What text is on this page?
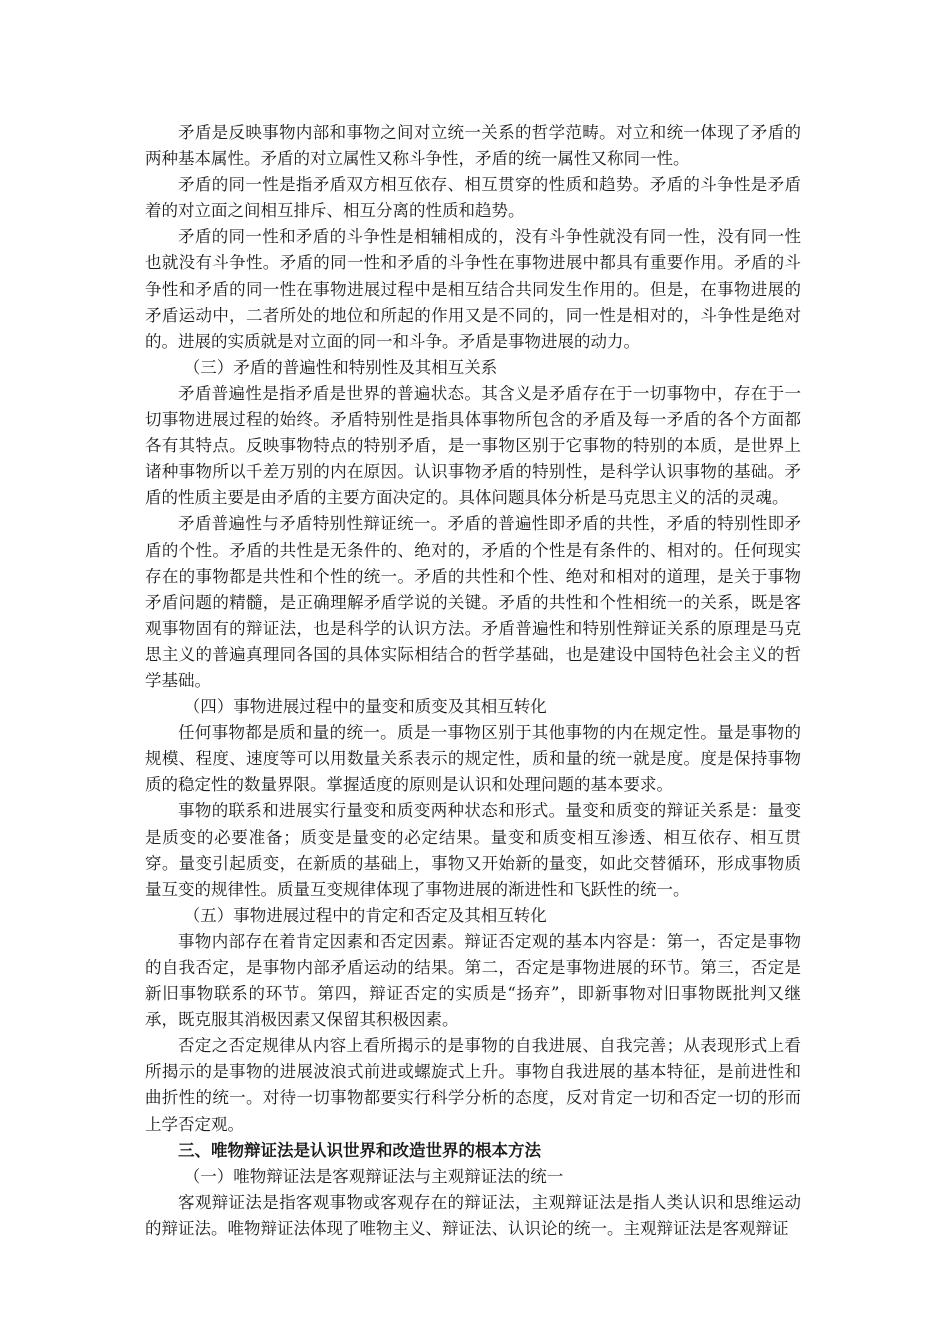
矛盾是反映事物内部和事物之间对立统一关系的哲学范畴。对立和统一体现了矛盾的两种基本属性。矛盾的对立属性又称斗争性，矛盾的统一属性又称同一性。

矛盾的同一性是指矛盾双方相互依存、相互贯穿的性质和趋势。矛盾的斗争性是矛盾着的对立面之间相互排斥、相互分离的性质和趋势。

矛盾的同一性和矛盾的斗争性是相辅相成的，没有斗争性就没有同一性，没有同一性也就没有斗争性。矛盾的同一性和矛盾的斗争性在事物进展中都具有重要作用。矛盾的斗争性和矛盾的同一性在事物进展过程中是相互结合共同发生作用的。但是，在事物进展的矛盾运动中，二者所处的地位和所起的作用又是不同的，同一性是相对的，斗争性是绝对的。进展的实质就是对立面的同一和斗争。矛盾是事物进展的动力。

（三）矛盾的普遍性和特别性及其相互关系

矛盾普遍性是指矛盾是世界的普遍状态。其含义是矛盾存在于一切事物中，存在于一切事物进展过程的始终。矛盾特别性是指具体事物所包含的矛盾及每一矛盾的各个方面都各有其特点。反映事物特点的特别矛盾，是一事物区别于它事物的特别的本质，是世界上诸种事物所以千差万别的内在原因。认识事物矛盾的特别性，是科学认识事物的基础。矛盾的性质主要是由矛盾的主要方面决定的。具体问题具体分析是马克思主义的活的灵魂。

矛盾普遍性与矛盾特别性辩证统一。矛盾的普遍性即矛盾的共性，矛盾的特别性即矛盾的个性。矛盾的共性是无条件的、绝对的，矛盾的个性是有条件的、相对的。任何现实存在的事物都是共性和个性的统一。矛盾的共性和个性、绝对和相对的道理，是关于事物矛盾问题的精髓，是正确理解矛盾学说的关键。矛盾的共性和个性相统一的关系，既是客观事物固有的辩证法，也是科学的认识方法。矛盾普遍性和特别性辩证关系的原理是马克思主义的普遍真理同各国的具体实际相结合的哲学基础，也是建设中国特色社会主义的哲学基础。

（四）事物进展过程中的量变和质变及其相互转化

任何事物都是质和量的统一。质是一事物区别于其他事物的内在规定性。量是事物的规模、程度、速度等可以用数量关系表示的规定性，质和量的统一就是度。度是保持事物质的稳定性的数量界限。掌握适度的原则是认识和处理问题的基本要求。

事物的联系和进展实行量变和质变两种状态和形式。量变和质变的辩证关系是：量变是质变的必要准备；质变是量变的必定结果。量变和质变相互渗透、相互依存、相互贯穿。量变引起质变，在新质的基础上，事物又开始新的量变，如此交替循环，形成事物质量互变的规律性。质量互变规律体现了事物进展的渐进性和飞跃性的统一。

（五）事物进展过程中的肯定和否定及其相互转化

事物内部存在着肯定因素和否定因素。辩证否定观的基本内容是：第一，否定是事物的自我否定，是事物内部矛盾运动的结果。第二，否定是事物进展的环节。第三，否定是新旧事物联系的环节。第四，辩证否定的实质是“扬弃”，即新事物对旧事物既批判又继承，既克服其消极因素又保留其积极因素。

否定之否定规律从内容上看所揭示的是事物的自我进展、自我完善；从表现形式上看所揭示的是事物的进展波浪式前进或螺旋式上升。事物自我进展的基本特征，是前进性和曲折性的统一。对待一切事物都要实行科学分析的态度，反对肯定一切和否定一切的形而上学否定观。

三、唯物辩证法是认识世界和改造世界的根本方法

（一）唯物辩证法是客观辩证法与主观辩证法的统一

客观辩证法是指客观事物或客观存在的辩证法，主观辩证法是指人类认识和思维运动的辩证法。唯物辩证法体现了唯物主义、辩证法、认识论的统一。主观辩证法是客观辩证
